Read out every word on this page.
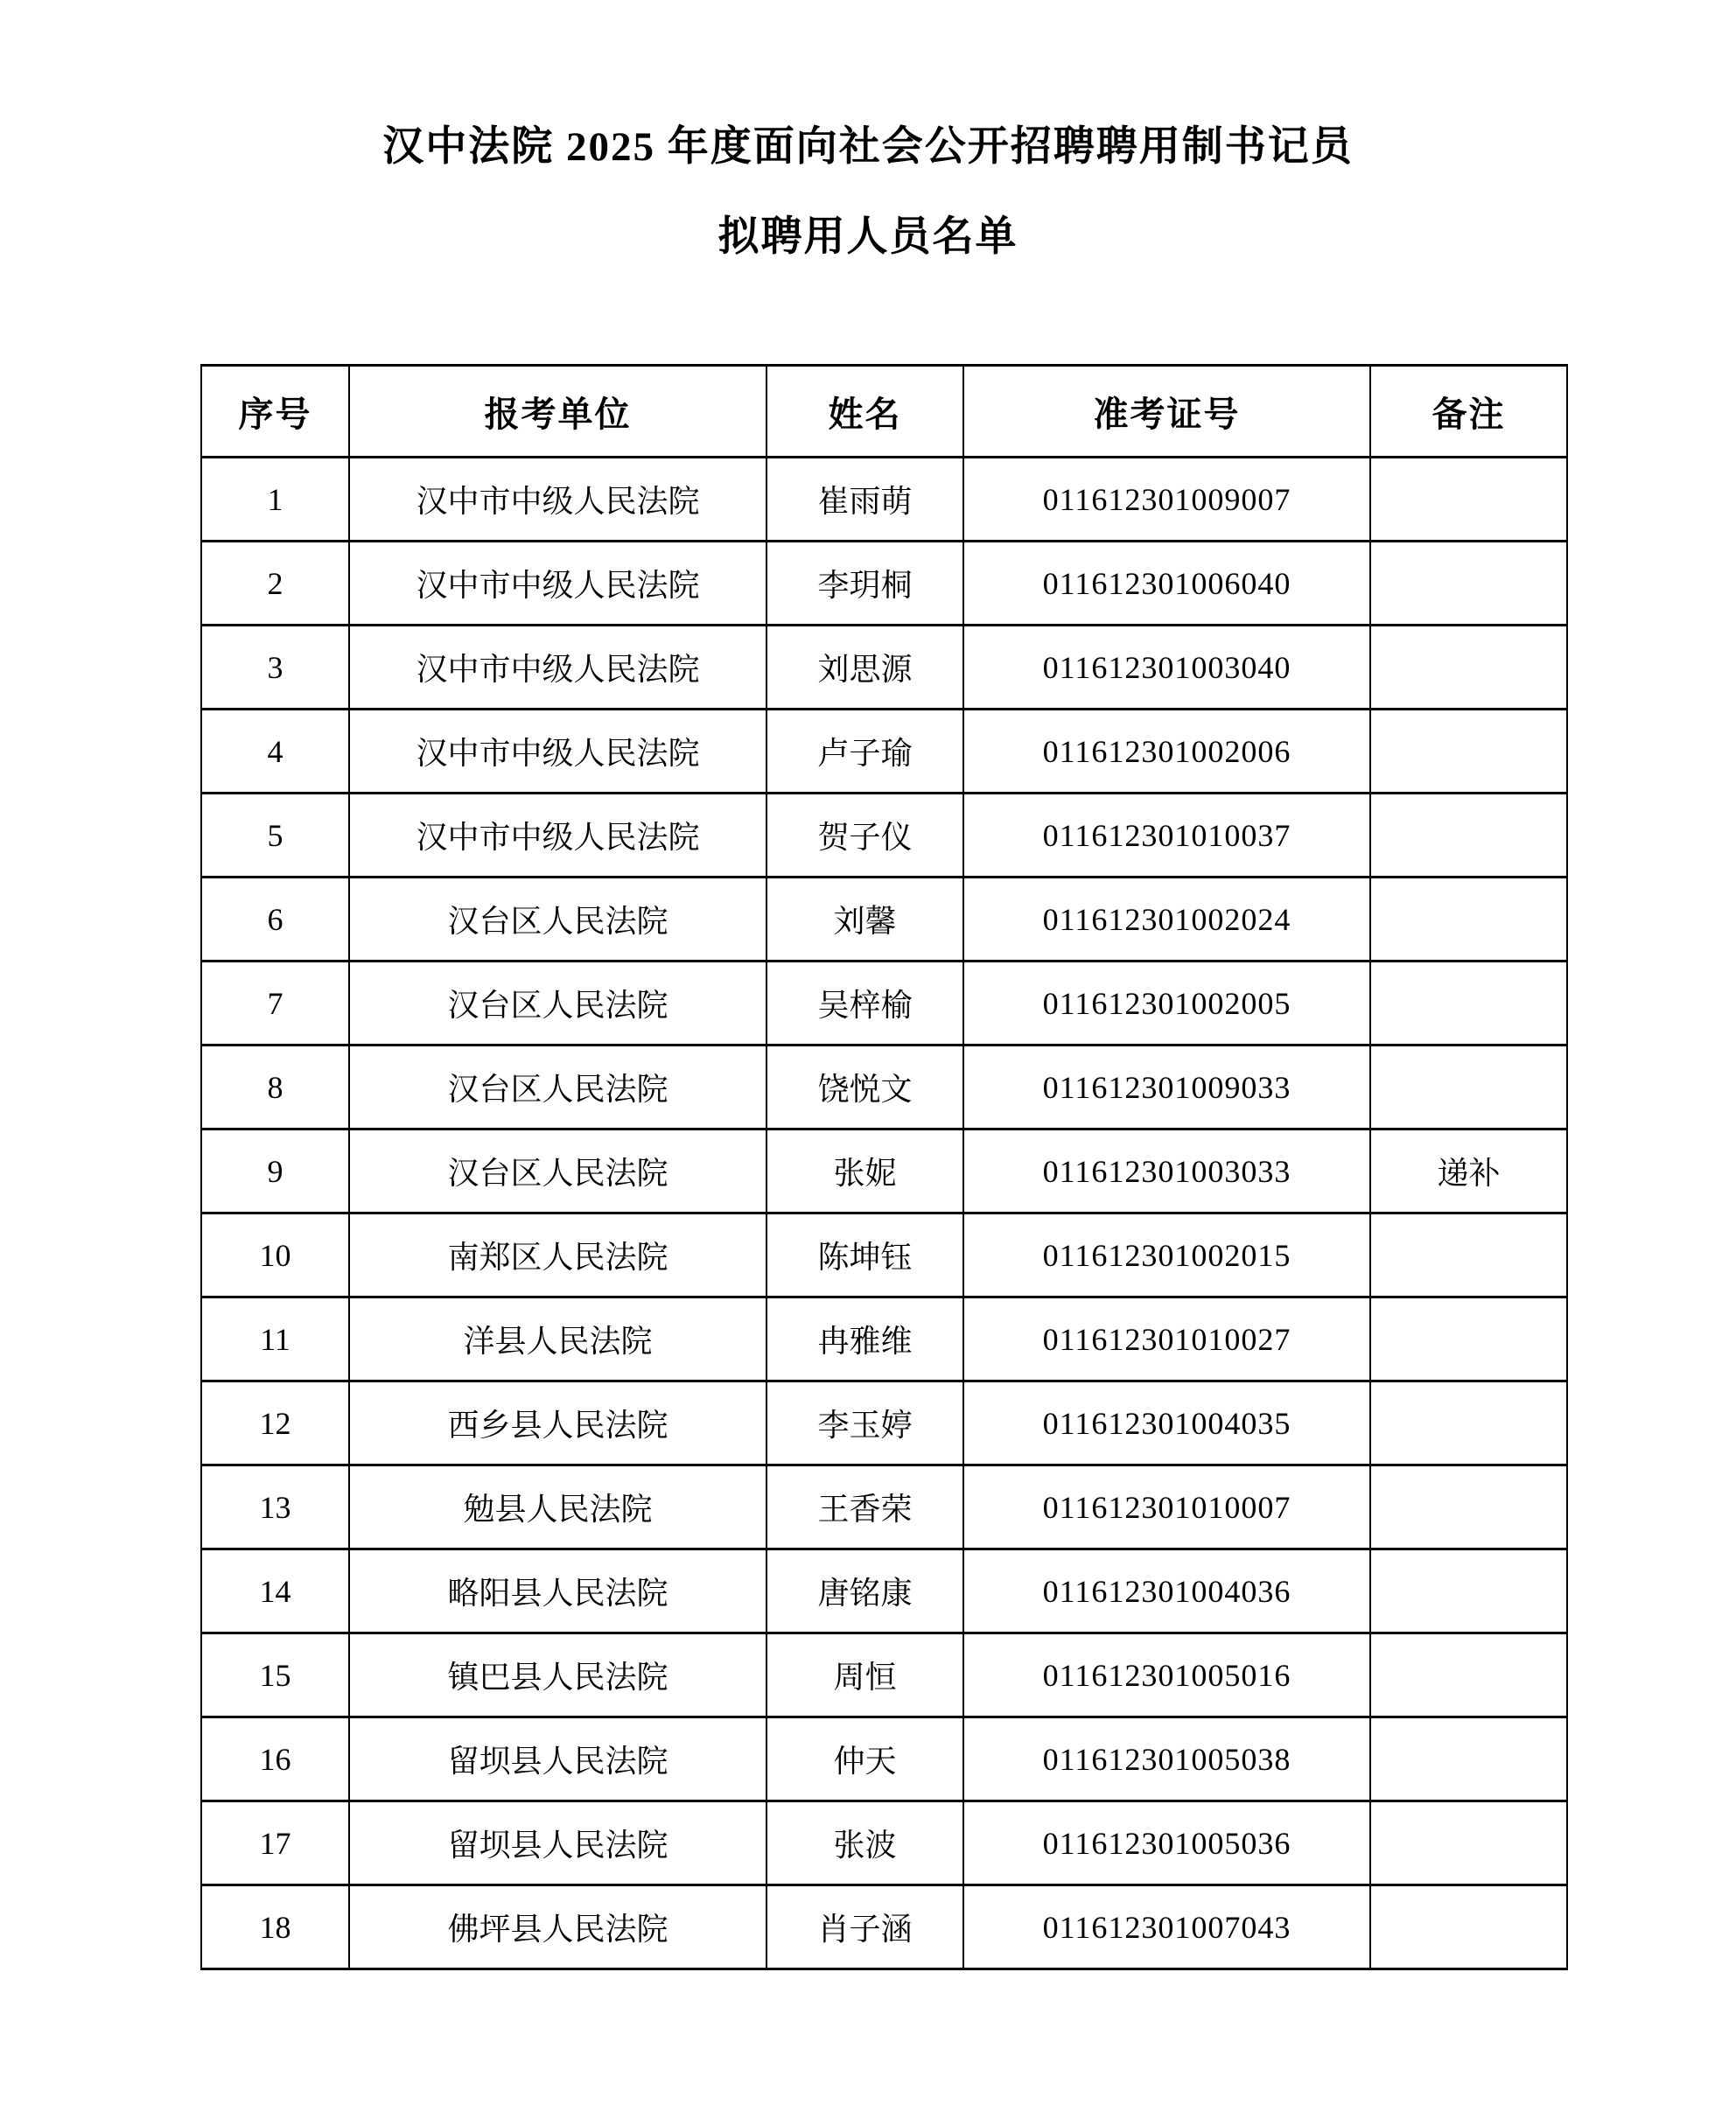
汉中法院 2025 年度面向社会公开招聘聘用制书记员
拟聘用人员名单
序号	报考单位	姓名	准考证号	备注
1	汉中市中级人民法院	崔雨萌	011612301009007	
2	汉中市中级人民法院	李玥桐	011612301006040	
3	汉中市中级人民法院	刘思源	011612301003040	
4	汉中市中级人民法院	卢子瑜	011612301002006	
5	汉中市中级人民法院	贺子仪	011612301010037	
6	汉台区人民法院	刘馨	011612301002024	
7	汉台区人民法院	吴梓榆	011612301002005	
8	汉台区人民法院	饶悦文	011612301009033	
9	汉台区人民法院	张妮	011612301003033	递补
10	南郑区人民法院	陈坤钰	011612301002015	
11	洋县人民法院	冉雅维	011612301010027	
12	西乡县人民法院	李玉婷	011612301004035	
13	勉县人民法院	王香荣	011612301010007	
14	略阳县人民法院	唐铭康	011612301004036	
15	镇巴县人民法院	周恒	011612301005016	
16	留坝县人民法院	仲天	011612301005038	
17	留坝县人民法院	张波	011612301005036	
18	佛坪县人民法院	肖子涵	011612301007043	
